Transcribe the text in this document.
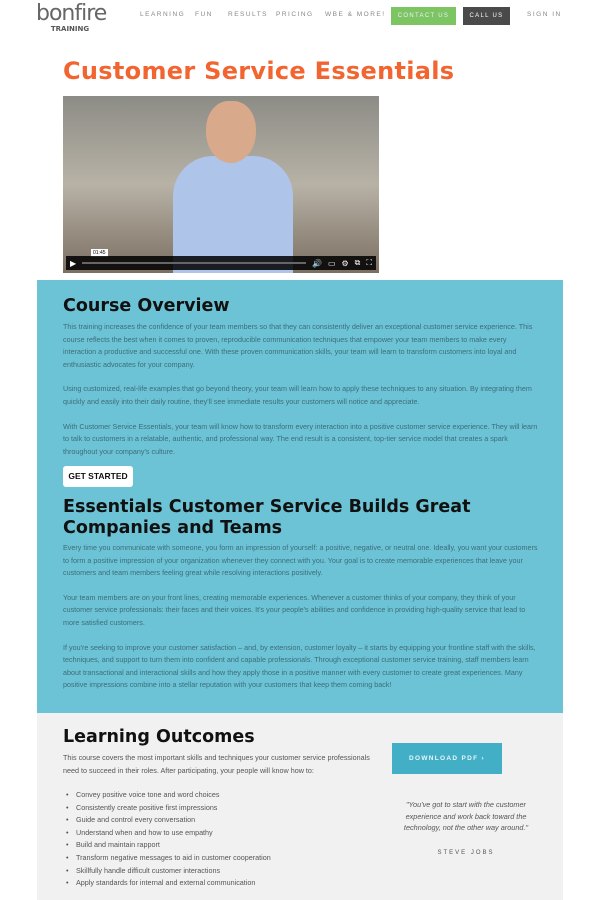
bonfire
TRAINING
LEARNING FUN RESULTS PRICING WBE & MORE!	CONTACT US	CALL US	SIGN IN
Customer Service Essentials
01:45
▶	🔊 ▭ ⚙ ⧉ ⛶
Course Overview

This training increases the confidence of your team members so that they can consistently deliver an exceptional customer service experience. This course reflects the best when it comes to proven, reproducible communication techniques that empower your team members to make every interaction a productive and successful one. With these proven communication skills, your team will learn to transform customers into loyal and enthusiastic advocates for your company.

Using customized, real-life examples that go beyond theory, your team will learn how to apply these techniques to any situation. By integrating them quickly and easily into their daily routine, they'll see immediate results your customers will notice and appreciate.

With Customer Service Essentials, your team will know how to transform every interaction into a positive customer service experience. They will learn to talk to customers in a relatable, authentic, and professional way. The end result is a consistent, top-tier service model that creates a spark throughout your company's culture.

GET STARTED
Essentials Customer Service Builds Great Companies and Teams

Every time you communicate with someone, you form an impression of yourself: a positive, negative, or neutral one. Ideally, you want your customers to form a positive impression of your organization whenever they connect with you. Your goal is to create memorable experiences that leave your customers and team members feeling great while resolving interactions positively.

Your team members are on your front lines, creating memorable experiences. Whenever a customer thinks of your company, they think of your customer service professionals: their faces and their voices. It's your people's abilities and confidence in providing high-quality service that lead to more satisfied customers.

If you're seeking to improve your customer satisfaction – and, by extension, customer loyalty – it starts by equipping your frontline staff with the skills, techniques, and support to turn them into confident and capable professionals. Through exceptional customer service training, staff members learn about transactional and interactional skills and how they apply those in a positive manner with every customer to create great experiences. Many positive impressions combine into a stellar reputation with your customers that keep them coming back!

Learning Outcomes

This course covers the most important skills and techniques your customer service professionals need to succeed in their roles. After participating, your people will know how to:

• Convey positive voice tone and word choices
• Consistently create positive first impressions
• Guide and control every conversation
• Understand when and how to use empathy
• Build and maintain rapport
• Transform negative messages to aid in customer cooperation
• Skillfully handle difficult customer interactions
• Apply standards for internal and external communication
DOWNLOAD PDF ›

"You've got to start with the customer experience and work back toward the technology, not the other way around."

STEVE JOBS
